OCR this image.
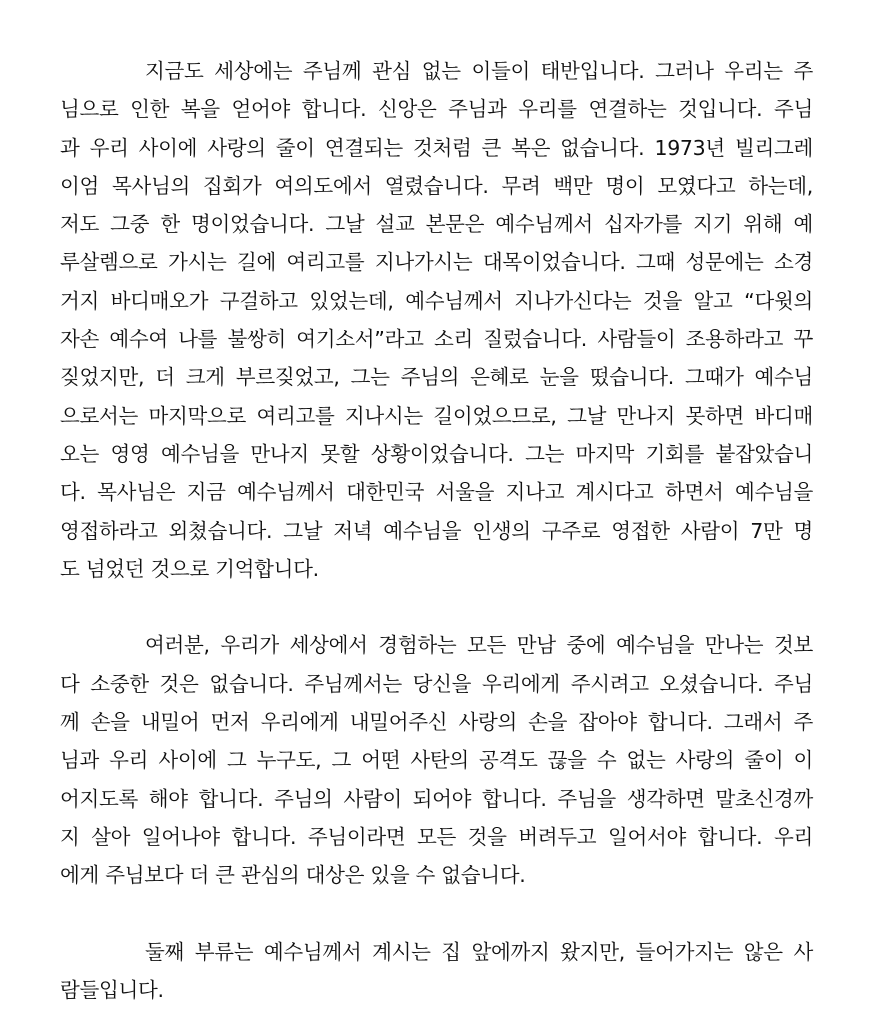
지금도 세상에는 주님께 관심 없는 이들이 태반입니다. 그러나 우리는 주
님으로 인한 복을 얻어야 합니다. 신앙은 주님과 우리를 연결하는 것입니다. 주님
과 우리 사이에 사랑의 줄이 연결되는 것처럼 큰 복은 없습니다. 1973년 빌리그레
이엄 목사님의 집회가 여의도에서 열렸습니다. 무려 백만 명이 모였다고 하는데,
저도 그중 한 명이었습니다. 그날 설교 본문은 예수님께서 십자가를 지기 위해 예
루살렘으로 가시는 길에 여리고를 지나가시는 대목이었습니다. 그때 성문에는 소경
거지 바디매오가 구걸하고 있었는데, 예수님께서 지나가신다는 것을 알고 “다윗의
자손 예수여 나를 불쌍히 여기소서”라고 소리 질렀습니다. 사람들이 조용하라고 꾸
짖었지만, 더 크게 부르짖었고, 그는 주님의 은혜로 눈을 떴습니다. 그때가 예수님
으로서는 마지막으로 여리고를 지나시는 길이었으므로, 그날 만나지 못하면 바디매
오는 영영 예수님을 만나지 못할 상황이었습니다. 그는 마지막 기회를 붙잡았습니
다. 목사님은 지금 예수님께서 대한민국 서울을 지나고 계시다고 하면서 예수님을
영접하라고 외쳤습니다. 그날 저녁 예수님을 인생의 구주로 영접한 사람이 7만 명
도 넘었던 것으로 기억합니다.
여러분, 우리가 세상에서 경험하는 모든 만남 중에 예수님을 만나는 것보
다 소중한 것은 없습니다. 주님께서는 당신을 우리에게 주시려고 오셨습니다. 주님
께 손을 내밀어 먼저 우리에게 내밀어주신 사랑의 손을 잡아야 합니다. 그래서 주
님과 우리 사이에 그 누구도, 그 어떤 사탄의 공격도 끊을 수 없는 사랑의 줄이 이
어지도록 해야 합니다. 주님의 사람이 되어야 합니다. 주님을 생각하면 말초신경까
지 살아 일어나야 합니다. 주님이라면 모든 것을 버려두고 일어서야 합니다. 우리
에게 주님보다 더 큰 관심의 대상은 있을 수 없습니다.
둘째 부류는 예수님께서 계시는 집 앞에까지 왔지만, 들어가지는 않은 사
람들입니다.
